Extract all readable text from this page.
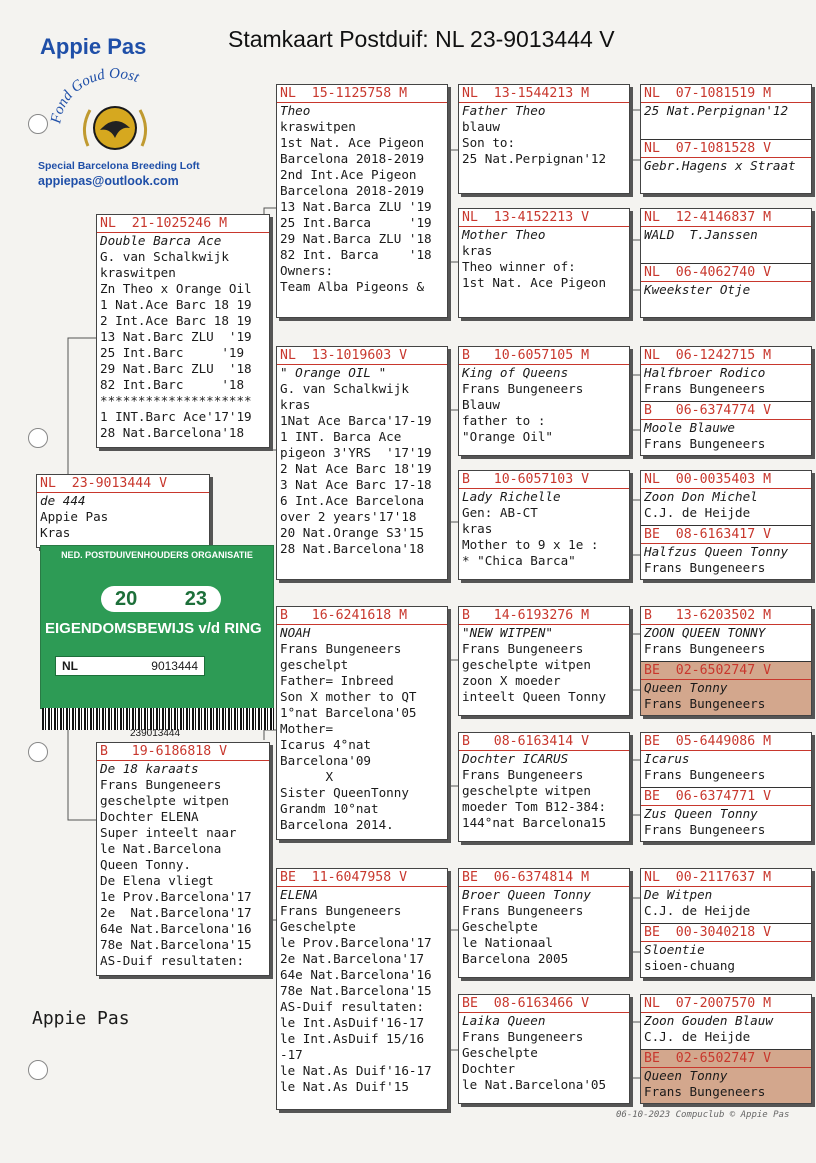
Stamkaart Postduif: NL 23-9013444 V
Appie Pas
Fond Goud Oost
Special Barcelona Breeding Loft
appiepas@outlook.com
NL  23-9013444 V
de 444
Appie Pas
Kras
NED. POSTDUIVENHOUDERS ORGANISATIE
20 23
EIGENDOMSBEWIJS v/d RING
NL	9013444
239013444
NL  21-1025246 M
Double Barca Ace
G. van Schalkwijk
kraswitpen
Zn Theo x Orange Oil
1 Nat.Ace Barc 18 19
2 Int.Ace Barc 18 19
13 Nat.Barc ZLU  '19
25 Int.Barc     '19
29 Nat.Barc ZLU  '18
82 Int.Barc     '18
********************
1 INT.Barc Ace'17'19
28 Nat.Barcelona'18
B   19-6186818 V
De 18 karaats
Frans Bungeneers
geschelpte witpen
Dochter ELENA
Super inteelt naar
le Nat.Barcelona
Queen Tonny.
De Elena vliegt
1e Prov.Barcelona'17
2e  Nat.Barcelona'17
64e Nat.Barcelona'16
78e Nat.Barcelona'15
AS-Duif resultaten:
Appie Pas
06-10-2023 Compuclub © Appie Pas
NL  15-1125758 M
Theo
kraswitpen
1st Nat. Ace Pigeon
Barcelona 2018-2019
2nd Int.Ace Pigeon
Barcelona 2018-2019
13 Nat.Barca ZLU '19
25 Int.Barca     '19
29 Nat.Barca ZLU '18
82 Int. Barca    '18
Owners:
Team Alba Pigeons &
NL  13-1019603 V
" Orange OIL "
G. van Schalkwijk
kras
1Nat Ace Barca'17-19
1 INT. Barca Ace
pigeon 3'YRS  '17'19
2 Nat Ace Barc 18'19
3 Nat Ace Barc 17-18
6 Int.Ace Barcelona
over 2 years'17'18
20 Nat.Orange S3'15
28 Nat.Barcelona'18
B   16-6241618 M
NOAH
Frans Bungeneers
geschelpt
Father= Inbreed
Son X mother to QT
1°nat Barcelona'05
Mother=
Icarus 4°nat
Barcelona'09
X
Sister QueenTonny
Grandm 10°nat
Barcelona 2014.
BE  11-6047958 V
ELENA
Frans Bungeneers
Geschelpte
le Prov.Barcelona'17
2e Nat.Barcelona'17
64e Nat.Barcelona'16
78e Nat.Barcelona'15
AS-Duif resultaten:
le Int.AsDuif'16-17
le Int.AsDuif 15/16
-17
le Nat.As Duif'16-17
le Nat.As Duif'15
NL  13-1544213 M
Father Theo
blauw
Son to:
25 Nat.Perpignan'12
NL  13-4152213 V
Mother Theo
kras
Theo winner of:
1st Nat. Ace Pigeon
B   10-6057105 M
King of Queens
Frans Bungeneers
Blauw
father to :
"Orange Oil"
B   10-6057103 V
Lady Richelle
Gen: AB-CT
kras
Mother to 9 x 1e :
* "Chica Barca"
B   14-6193276 M
"NEW WITPEN"
Frans Bungeneers
geschelpte witpen
zoon X moeder
inteelt Queen Tonny
B   08-6163414 V
Dochter ICARUS
Frans Bungeneers
geschelpte witpen
moeder Tom B12-384:
144°nat Barcelona15
BE  06-6374814 M
Broer Queen Tonny
Frans Bungeneers
Geschelpte
le Nationaal
Barcelona 2005
BE  08-6163466 V
Laika Queen
Frans Bungeneers
Geschelpte
Dochter
le Nat.Barcelona'05
NL  07-1081519 M
25 Nat.Perpignan'12
NL  07-1081528 V
Gebr.Hagens x Straat
NL  12-4146837 M
WALD  T.Janssen
NL  06-4062740 V
Kweekster Otje
NL  06-1242715 M
Halfbroer Rodico
Frans Bungeneers
B   06-6374774 V
Moole Blauwe
Frans Bungeneers
NL  00-0035403 M
Zoon Don Michel
C.J. de Heijde
BE  08-6163417 V
Halfzus Queen Tonny
Frans Bungeneers
B   13-6203502 M
ZOON QUEEN TONNY
Frans Bungeneers
BE  02-6502747 V
Queen Tonny
Frans Bungeneers
BE  05-6449086 M
Icarus
Frans Bungeneers
BE  06-6374771 V
Zus Queen Tonny
Frans Bungeneers
NL  00-2117637 M
De Witpen
C.J. de Heijde
BE  00-3040218 V
Sloentie
sioen-chuang
NL  07-2007570 M
Zoon Gouden Blauw
C.J. de Heijde
BE  02-6502747 V
Queen Tonny
Frans Bungeneers
